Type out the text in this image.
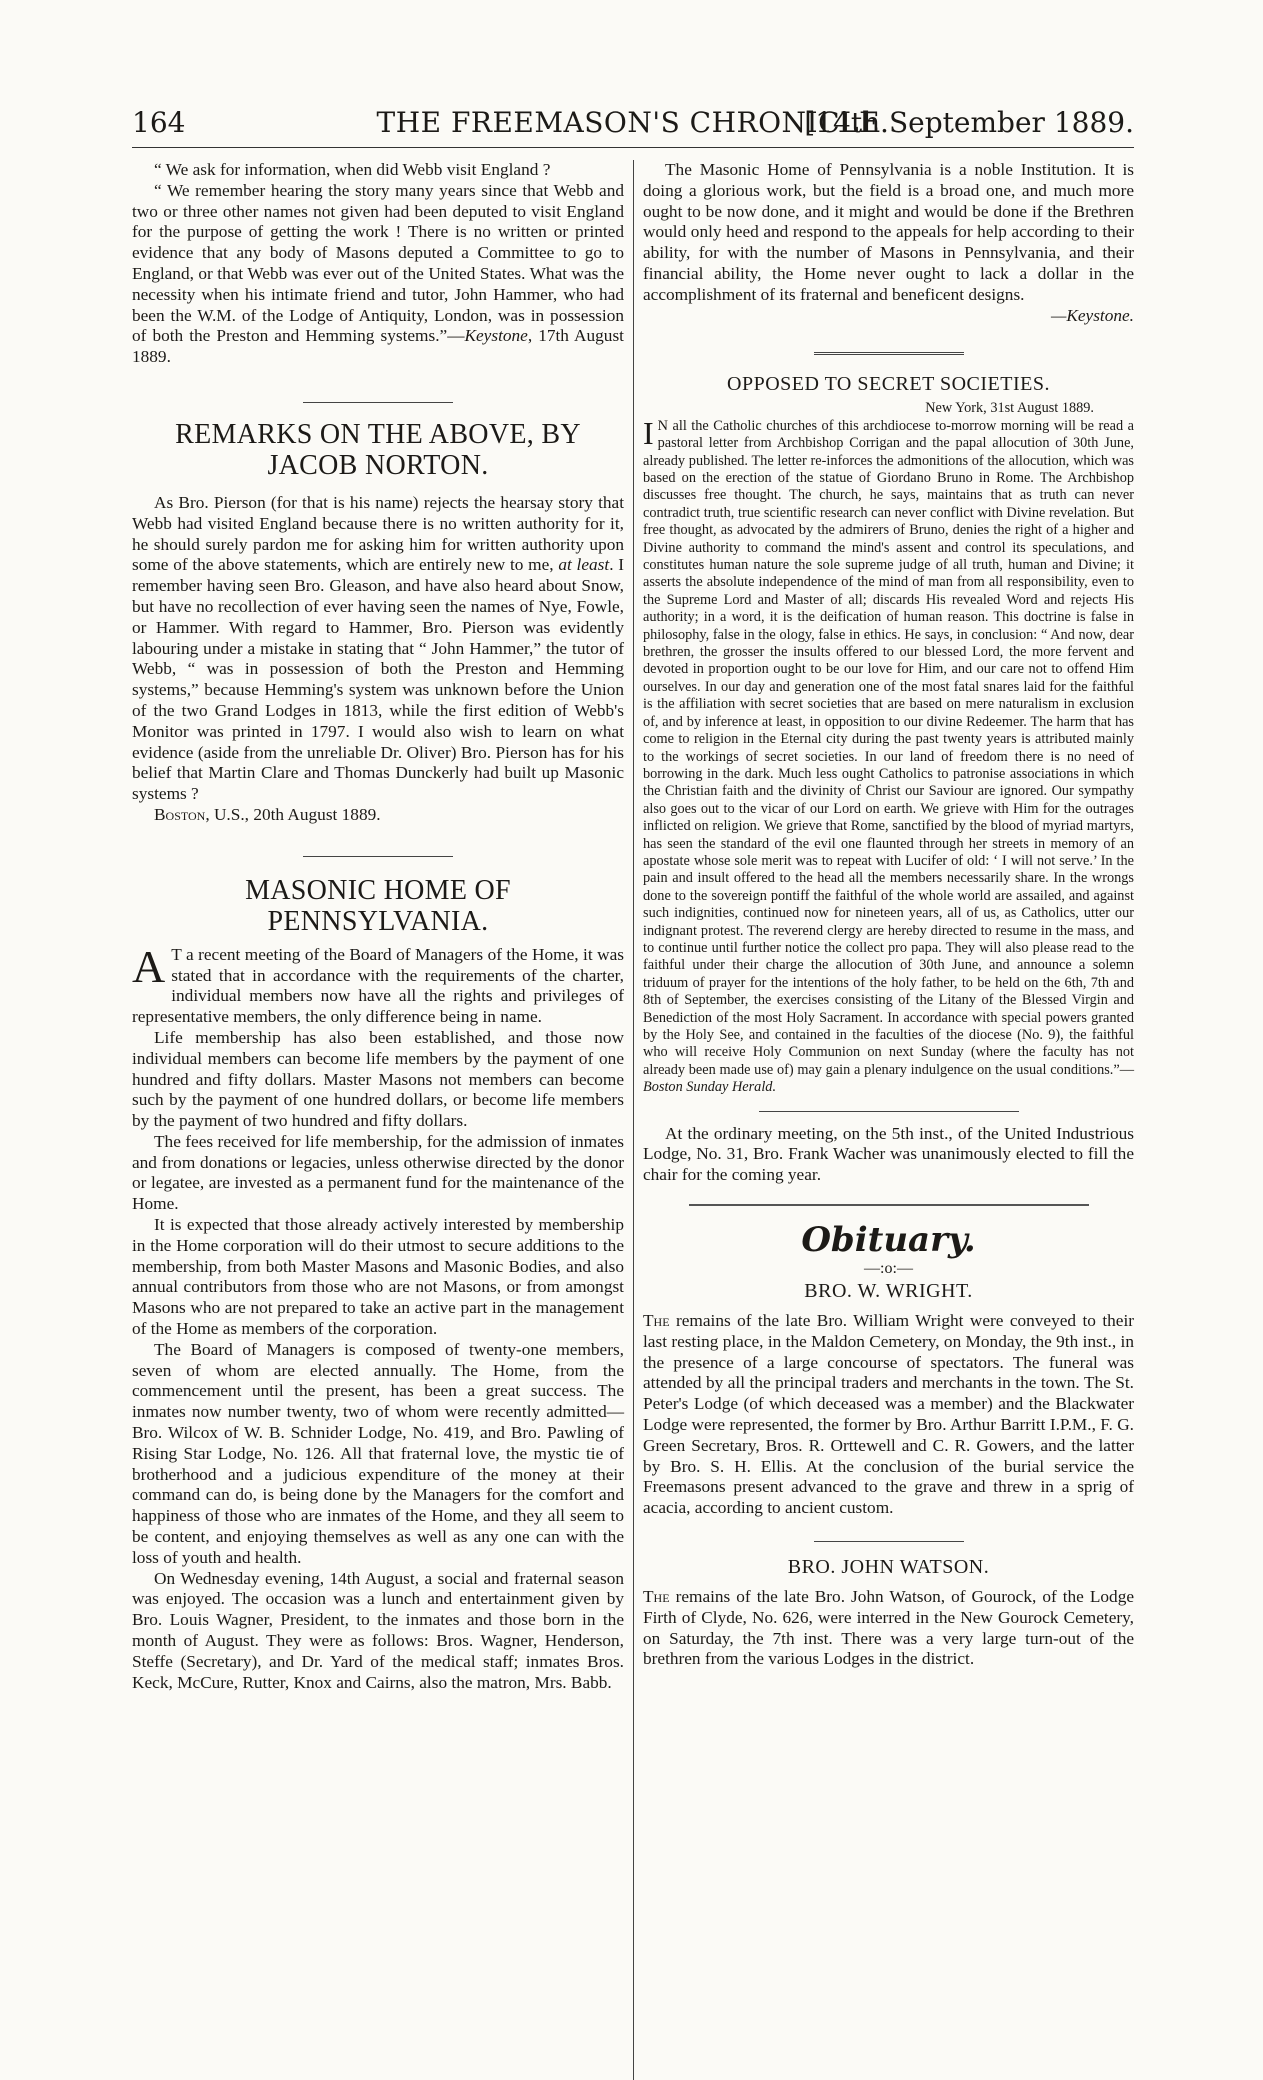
164	THE FREEMASON'S CHRONICLE.
[14th September 1889.

“ We ask for information, when did Webb visit England ?

“ We remember hearing the story many years since that Webb and two or three other names not given had been deputed to visit England for the purpose of getting the work ! There is no written or printed evidence that any body of Masons deputed a Committee to go to England, or that Webb was ever out of the United States. What was the necessity when his intimate friend and tutor, John Hammer, who had been the W.M. of the Lodge of Antiquity, London, was in possession of both the Preston and Hemming systems.”—Keystone, 17th August 1889.

REMARKS ON THE ABOVE, BY JACOB NORTON.

As Bro. Pierson (for that is his name) rejects the hearsay story that Webb had visited England because there is no written authority for it, he should surely pardon me for asking him for written authority upon some of the above statements, which are entirely new to me, at least. I remember having seen Bro. Gleason, and have also heard about Snow, but have no recollection of ever having seen the names of Nye, Fowle, or Hammer. With regard to Hammer, Bro. Pierson was evidently labouring under a mistake in stating that “ John Hammer,” the tutor of Webb, “ was in possession of both the Preston and Hemming systems,” because Hemming's system was unknown before the Union of the two Grand Lodges in 1813, while the first edition of Webb's Monitor was printed in 1797. I would also wish to learn on what evidence (aside from the unreliable Dr. Oliver) Bro. Pierson has for his belief that Martin Clare and Thomas Dunckerly had built up Masonic systems ?

Boston, U.S., 20th August 1889.

MASONIC HOME OF PENNSYLVANIA.

A T a recent meeting of the Board of Managers of the Home, it was stated that in accordance with the requirements of the charter, individual members now have all the rights and privileges of representative members, the only difference being in name.

Life membership has also been established, and those now individual members can become life members by the payment of one hundred and fifty dollars. Master Masons not members can become such by the payment of one hundred dollars, or become life members by the payment of two hundred and fifty dollars.

The fees received for life membership, for the admission of inmates and from donations or legacies, unless otherwise directed by the donor or legatee, are invested as a permanent fund for the maintenance of the Home.

It is expected that those already actively interested by membership in the Home corporation will do their utmost to secure additions to the membership, from both Master Masons and Masonic Bodies, and also annual contributors from those who are not Masons, or from amongst Masons who are not prepared to take an active part in the management of the Home as members of the corporation.

The Board of Managers is composed of twenty-one members, seven of whom are elected annually. The Home, from the commencement until the present, has been a great success. The inmates now number twenty, two of whom were recently admitted—Bro. Wilcox of W. B. Schnider Lodge, No. 419, and Bro. Pawling of Rising Star Lodge, No. 126. All that fraternal love, the mystic tie of brotherhood and a judicious expenditure of the money at their command can do, is being done by the Managers for the comfort and happiness of those who are inmates of the Home, and they all seem to be content, and enjoying themselves as well as any one can with the loss of youth and health.

On Wednesday evening, 14th August, a social and fraternal season was enjoyed. The occasion was a lunch and entertainment given by Bro. Louis Wagner, President, to the inmates and those born in the month of August. They were as follows: Bros. Wagner, Henderson, Steffe (Secretary), and Dr. Yard of the medical staff; inmates Bros. Keck, McCure, Rutter, Knox and Cairns, also the matron, Mrs. Babb.

The Masonic Home of Pennsylvania is a noble Institution. It is doing a glorious work, but the field is a broad one, and much more ought to be now done, and it might and would be done if the Brethren would only heed and respond to the appeals for help according to their ability, for with the number of Masons in Pennsylvania, and their financial ability, the Home never ought to lack a dollar in the accomplishment of its fraternal and beneficent designs.

—Keystone.

OPPOSED TO SECRET SOCIETIES.

New York, 31st August 1889.

I N all the Catholic churches of this archdiocese to-morrow morning will be read a pastoral letter from Archbishop Corrigan and the papal allocution of 30th June, already published. The letter re-inforces the admonitions of the allocution, which was based on the erection of the statue of Giordano Bruno in Rome. The Archbishop discusses free thought. The church, he says, maintains that as truth can never contradict truth, true scientific research can never conflict with Divine revelation. But free thought, as advocated by the admirers of Bruno, denies the right of a higher and Divine authority to command the mind's assent and control its speculations, and constitutes human nature the sole supreme judge of all truth, human and Divine; it asserts the absolute independence of the mind of man from all responsibility, even to the Supreme Lord and Master of all; discards His revealed Word and rejects His authority; in a word, it is the deification of human reason. This doctrine is false in philosophy, false in the ology, false in ethics. He says, in conclusion: “ And now, dear brethren, the grosser the insults offered to our blessed Lord, the more fervent and devoted in proportion ought to be our love for Him, and our care not to offend Him ourselves. In our day and generation one of the most fatal snares laid for the faithful is the affiliation with secret societies that are based on mere naturalism in exclusion of, and by inference at least, in opposition to our divine Redeemer. The harm that has come to religion in the Eternal city during the past twenty years is attributed mainly to the workings of secret societies. In our land of freedom there is no need of borrowing in the dark. Much less ought Catholics to patronise associations in which the Christian faith and the divinity of Christ our Saviour are ignored. Our sympathy also goes out to the vicar of our Lord on earth. We grieve with Him for the outrages inflicted on religion. We grieve that Rome, sanctified by the blood of myriad martyrs, has seen the standard of the evil one flaunted through her streets in memory of an apostate whose sole merit was to repeat with Lucifer of old: ‘ I will not serve.’ In the pain and insult offered to the head all the members necessarily share. In the wrongs done to the sovereign pontiff the faithful of the whole world are assailed, and against such indignities, continued now for nineteen years, all of us, as Catholics, utter our indignant protest. The reverend clergy are hereby directed to resume in the mass, and to continue until further notice the collect pro papa. They will also please read to the faithful under their charge the allocution of 30th June, and announce a solemn triduum of prayer for the intentions of the holy father, to be held on the 6th, 7th and 8th of September, the exercises consisting of the Litany of the Blessed Virgin and Benediction of the most Holy Sacrament. In accordance with special powers granted by the Holy See, and contained in the faculties of the diocese (No. 9), the faithful who will receive Holy Communion on next Sunday (where the faculty has not already been made use of) may gain a plenary indulgence on the usual conditions.”—Boston Sunday Herald.

At the ordinary meeting, on the 5th inst., of the United Industrious Lodge, No. 31, Bro. Frank Wacher was unanimously elected to fill the chair for the coming year.

Obituary.

—:o:—

BRO. W. WRIGHT.

The remains of the late Bro. William Wright were conveyed to their last resting place, in the Maldon Cemetery, on Monday, the 9th inst., in the presence of a large concourse of spectators. The funeral was attended by all the principal traders and merchants in the town. The St. Peter's Lodge (of which deceased was a member) and the Blackwater Lodge were represented, the former by Bro. Arthur Barritt I.P.M., F. G. Green Secretary, Bros. R. Orttewell and C. R. Gowers, and the latter by Bro. S. H. Ellis. At the conclusion of the burial service the Freemasons present advanced to the grave and threw in a sprig of acacia, according to ancient custom.

BRO. JOHN WATSON.

The remains of the late Bro. John Watson, of Gourock, of the Lodge Firth of Clyde, No. 626, were interred in the New Gourock Cemetery, on Saturday, the 7th inst. There was a very large turn-out of the brethren from the various Lodges in the district.
